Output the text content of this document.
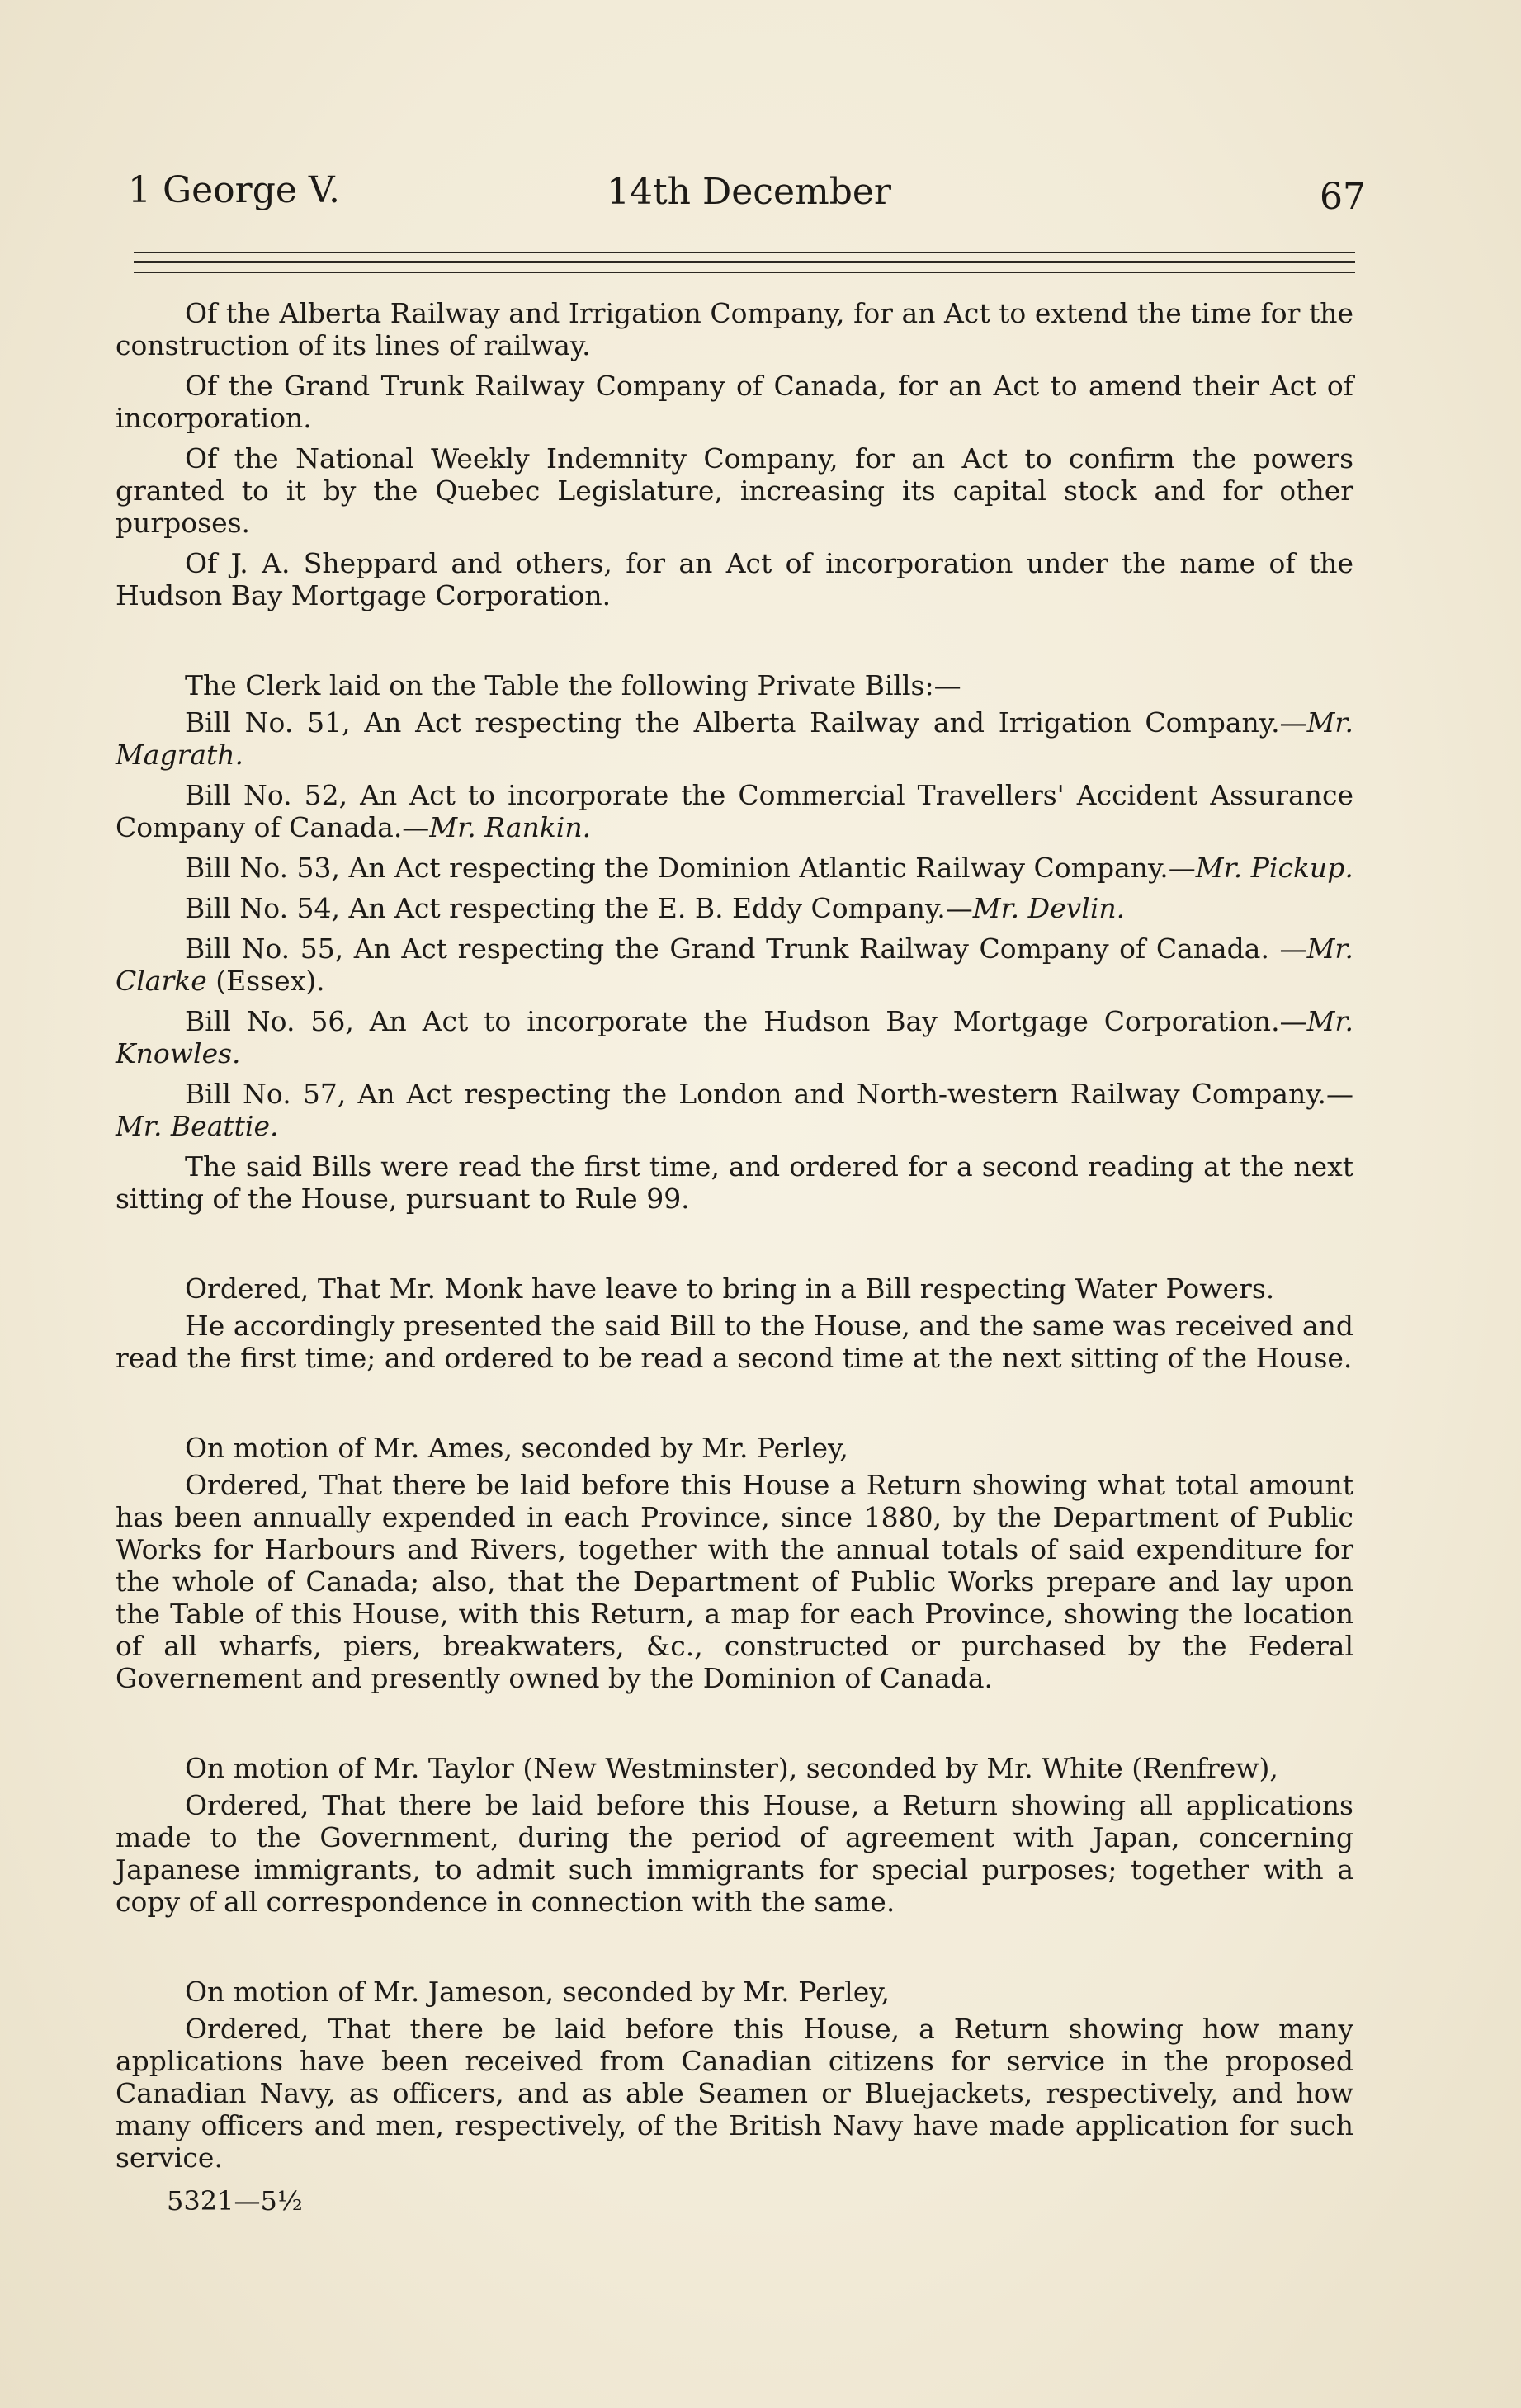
1 George V.	14th December	67

Of the Alberta Railway and Irrigation Company, for an Act to extend the time for the construction of its lines of railway.

Of the Grand Trunk Railway Company of Canada, for an Act to amend their Act of incorporation.

Of the National Weekly Indemnity Company, for an Act to confirm the powers granted to it by the Quebec Legislature, increasing its capital stock and for other purposes.

Of J. A. Sheppard and others, for an Act of incorporation under the name of the Hudson Bay Mortgage Corporation.

The Clerk laid on the Table the following Private Bills:—

Bill No. 51, An Act respecting the Alberta Railway and Irrigation Company.—Mr. Magrath.

Bill No. 52, An Act to incorporate the Commercial Travellers' Accident Assurance Company of Canada.—Mr. Rankin.

Bill No. 53, An Act respecting the Dominion Atlantic Railway Company.—Mr. Pickup.

Bill No. 54, An Act respecting the E. B. Eddy Company.—Mr. Devlin.

Bill No. 55, An Act respecting the Grand Trunk Railway Company of Canada. —Mr. Clarke (Essex).

Bill No. 56, An Act to incorporate the Hudson Bay Mortgage Corporation.—Mr. Knowles.

Bill No. 57, An Act respecting the London and North-western Railway Company.—Mr. Beattie.

The said Bills were read the first time, and ordered for a second reading at the next sitting of the House, pursuant to Rule 99.

Ordered, That Mr. Monk have leave to bring in a Bill respecting Water Powers.

He accordingly presented the said Bill to the House, and the same was received and read the first time; and ordered to be read a second time at the next sitting of the House.

On motion of Mr. Ames, seconded by Mr. Perley,

Ordered, That there be laid before this House a Return showing what total amount has been annually expended in each Province, since 1880, by the Department of Public Works for Harbours and Rivers, together with the annual totals of said expenditure for the whole of Canada; also, that the Department of Public Works prepare and lay upon the Table of this House, with this Return, a map for each Province, showing the location of all wharfs, piers, breakwaters, &c., constructed or purchased by the Federal Governement and presently owned by the Dominion of Canada.

On motion of Mr. Taylor (New Westminster), seconded by Mr. White (Renfrew),

Ordered, That there be laid before this House, a Return showing all applications made to the Government, during the period of agreement with Japan, concerning Japanese immigrants, to admit such immigrants for special purposes; together with a copy of all correspondence in connection with the same.

On motion of Mr. Jameson, seconded by Mr. Perley,

Ordered, That there be laid before this House, a Return showing how many applications have been received from Canadian citizens for service in the proposed Canadian Navy, as officers, and as able Seamen or Bluejackets, respectively, and how many officers and men, respectively, of the British Navy have made application for such service.

5321—5½
